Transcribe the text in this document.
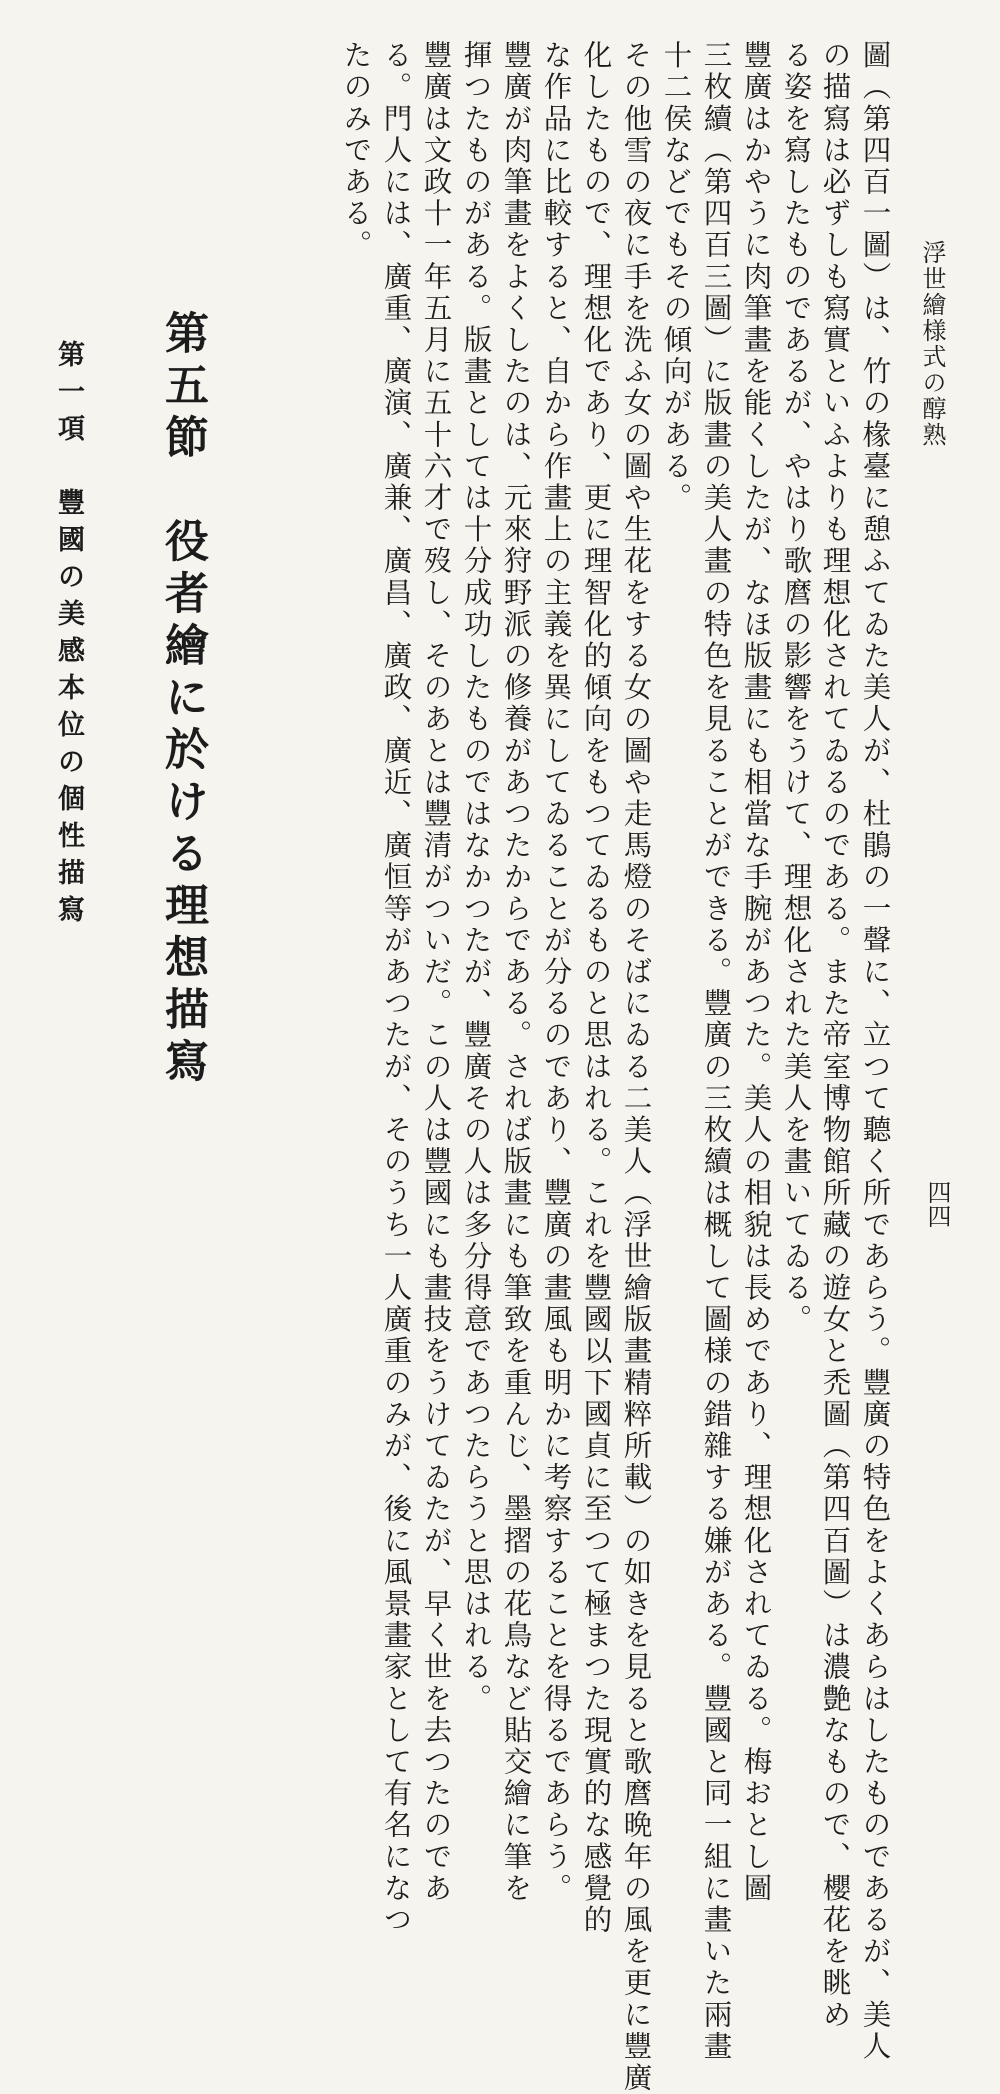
浮世繪様式の醇熟
四四
圖（第四百一圖）は、竹の椽臺に憩ふてゐた美人が、杜鵑の一聲に、立つて聽く所であらう。豐廣の特色をよくあらはしたものであるが、美人
の描寫は必ずしも寫實といふよりも理想化されてゐるのである。また帝室博物館所藏の遊女と禿圖（第四百圖）は濃艶なもので、櫻花を眺め
る姿を寫したものであるが、やはり歌麿の影響をうけて、理想化された美人を畫いてゐる。
豐廣はかやうに肉筆畫を能くしたが、なほ版畫にも相當な手腕があつた。美人の相貌は長めであり、理想化されてゐる。梅おとし圖
三枚續（第四百三圖）に版畫の美人畫の特色を見ることができる。豐廣の三枚續は概して圖様の錯雜する嫌がある。豐國と同一組に畫いた兩畫
十二侯などでもその傾向がある。
その他雪の夜に手を洗ふ女の圖や生花をする女の圖や走馬燈のそばにゐる二美人（浮世繪版畫精粹所載）の如きを見ると歌麿晩年の風を更に豐廣
化したもので、理想化であり、更に理智化的傾向をもつてゐるものと思はれる。これを豐國以下國貞に至つて極まつた現實的な感覺的
な作品に比較すると、自から作畫上の主義を異にしてゐることが分るのであり、豐廣の畫風も明かに考察することを得るであらう。
豐廣が肉筆畫をよくしたのは、元來狩野派の修養があつたからである。されば版畫にも筆致を重んじ、墨摺の花鳥など貼交繪に筆を
揮つたものがある。版畫としては十分成功したものではなかつたが、豐廣その人は多分得意であつたらうと思はれる。
豐廣は文政十一年五月に五十六才で歿し、そのあとは豐清がついだ。この人は豐國にも畫技をうけてゐたが、早く世を去つたのであ
る。門人には、廣重、廣演、廣兼、廣昌、廣政、廣近、廣恒等があつたが、そのうち一人廣重のみが、後に風景畫家として有名になつ
たのみである。
第五節　役者繪に於ける理想描寫
第一項　豐國の美感本位の個性描寫
